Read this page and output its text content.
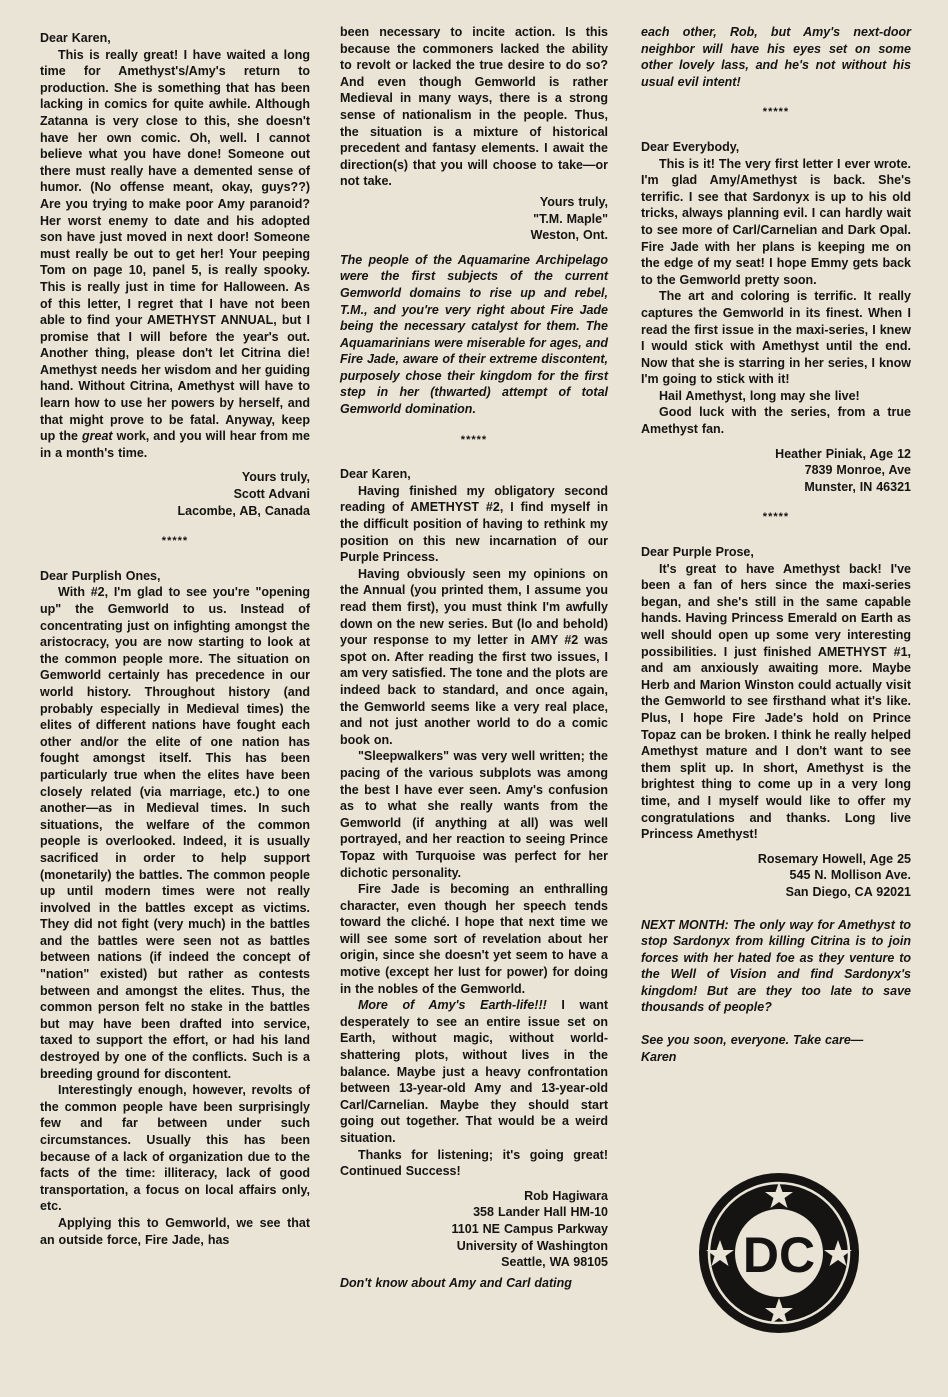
Dear Karen,

This is really great! I have waited a long time for Amethyst's/Amy's return to production. She is something that has been lacking in comics for quite awhile. Although Zatanna is very close to this, she doesn't have her own comic. Oh, well. I cannot believe what you have done! Someone out there must really have a demented sense of humor. (No offense meant, okay, guys??) Are you trying to make poor Amy paranoid? Her worst enemy to date and his adopted son have just moved in next door! Someone must really be out to get her! Your peeping Tom on page 10, panel 5, is really spooky. This is really just in time for Halloween. As of this letter, I regret that I have not been able to find your AMETHYST ANNUAL, but I promise that I will before the year's out. Another thing, please don't let Citrina die! Amethyst needs her wisdom and her guiding hand. Without Citrina, Amethyst will have to learn how to use her powers by herself, and that might prove to be fatal. Anyway, keep up the great work, and you will hear from me in a month's time.

Yours truly,
Scott Advani
Lacombe, AB, Canada

*****

Dear Purplish Ones,

With #2, I'm glad to see you're "opening up" the Gemworld to us. Instead of concentrating just on infighting amongst the aristocracy, you are now starting to look at the common people more. The situation on Gemworld certainly has precedence in our world history. Throughout history (and probably especially in Medieval times) the elites of different nations have fought each other and/or the elite of one nation has fought amongst itself. This has been particularly true when the elites have been closely related (via marriage, etc.) to one another—as in Medieval times. In such situations, the welfare of the common people is overlooked. Indeed, it is usually sacrificed in order to help support (monetarily) the battles. The common people up until modern times were not really involved in the battles except as victims. They did not fight (very much) in the battles and the battles were seen not as battles between nations (if indeed the concept of "nation" existed) but rather as contests between and amongst the elites. Thus, the common person felt no stake in the battles but may have been drafted into service, taxed to support the effort, or had his land destroyed by one of the conflicts. Such is a breeding ground for discontent.

Interestingly enough, however, revolts of the common people have been surprisingly few and far between under such circumstances. Usually this has been because of a lack of organization due to the facts of the time: illiteracy, lack of good transportation, a focus on local affairs only, etc.

Applying this to Gemworld, we see that an outside force, Fire Jade, has

been necessary to incite action. Is this because the commoners lacked the ability to revolt or lacked the true desire to do so? And even though Gemworld is rather Medieval in many ways, there is a strong sense of nationalism in the people. Thus, the situation is a mixture of historical precedent and fantasy elements. I await the direction(s) that you will choose to take—or not take.

Yours truly,
"T.M. Maple"
Weston, Ont.

The people of the Aquamarine Archipelago were the first subjects of the current Gemworld domains to rise up and rebel, T.M., and you're very right about Fire Jade being the necessary catalyst for them. The Aquamarinians were miserable for ages, and Fire Jade, aware of their extreme discontent, purposely chose their kingdom for the first step in her (thwarted) attempt of total Gemworld domination.

*****

Dear Karen,

Having finished my obligatory second reading of AMETHYST #2, I find myself in the difficult position of having to rethink my position on this new incarnation of our Purple Princess.

Having obviously seen my opinions on the Annual (you printed them, I assume you read them first), you must think I'm awfully down on the new series. But (lo and behold) your response to my letter in AMY #2 was spot on. After reading the first two issues, I am very satisfied. The tone and the plots are indeed back to standard, and once again, the Gemworld seems like a very real place, and not just another world to do a comic book on.

"Sleepwalkers" was very well written; the pacing of the various subplots was among the best I have ever seen. Amy's confusion as to what she really wants from the Gemworld (if anything at all) was well portrayed, and her reaction to seeing Prince Topaz with Turquoise was perfect for her dichotic personality.

Fire Jade is becoming an enthralling character, even though her speech tends toward the cliché. I hope that next time we will see some sort of revelation about her origin, since she doesn't yet seem to have a motive (except her lust for power) for doing in the nobles of the Gemworld.

More of Amy's Earth-life!!! I want desperately to see an entire issue set on Earth, without magic, without world-shattering plots, without lives in the balance. Maybe just a heavy confrontation between 13-year-old Amy and 13-year-old Carl/Carnelian. Maybe they should start going out together. That would be a weird situation.

Thanks for listening; it's going great! Continued Success!

Rob Hagiwara
358 Lander Hall HM-10
1101 NE Campus Parkway
University of Washington
Seattle, WA 98105

Don't know about Amy and Carl dating

each other, Rob, but Amy's next-door neighbor will have his eyes set on some other lovely lass, and he's not without his usual evil intent!

*****

Dear Everybody,

This is it! The very first letter I ever wrote. I'm glad Amy/Amethyst is back. She's terrific. I see that Sardonyx is up to his old tricks, always planning evil. I can hardly wait to see more of Carl/Carnelian and Dark Opal. Fire Jade with her plans is keeping me on the edge of my seat! I hope Emmy gets back to the Gemworld pretty soon.

The art and coloring is terrific. It really captures the Gemworld in its finest. When I read the first issue in the maxi-series, I knew I would stick with Amethyst until the end. Now that she is starring in her series, I know I'm going to stick with it!

Hail Amethyst, long may she live!

Good luck with the series, from a true Amethyst fan.

Heather Piniak, Age 12
7839 Monroe, Ave
Munster, IN 46321

*****

Dear Purple Prose,

It's great to have Amethyst back! I've been a fan of hers since the maxi-series began, and she's still in the same capable hands. Having Princess Emerald on Earth as well should open up some very interesting possibilities. I just finished AMETHYST #1, and am anxiously awaiting more. Maybe Herb and Marion Winston could actually visit the Gemworld to see firsthand what it's like. Plus, I hope Fire Jade's hold on Prince Topaz can be broken. I think he really helped Amethyst mature and I don't want to see them split up. In short, Amethyst is the brightest thing to come up in a very long time, and I myself would like to offer my congratulations and thanks. Long live Princess Amethyst!

Rosemary Howell, Age 25
545 N. Mollison Ave.
San Diego, CA 92021

NEXT MONTH: The only way for Amethyst to stop Sardonyx from killing Citrina is to join forces with her hated foe as they venture to the Well of Vision and find Sardonyx's kingdom! But are they too late to save thousands of people?

See you soon, everyone. Take care—

Karen

DC
